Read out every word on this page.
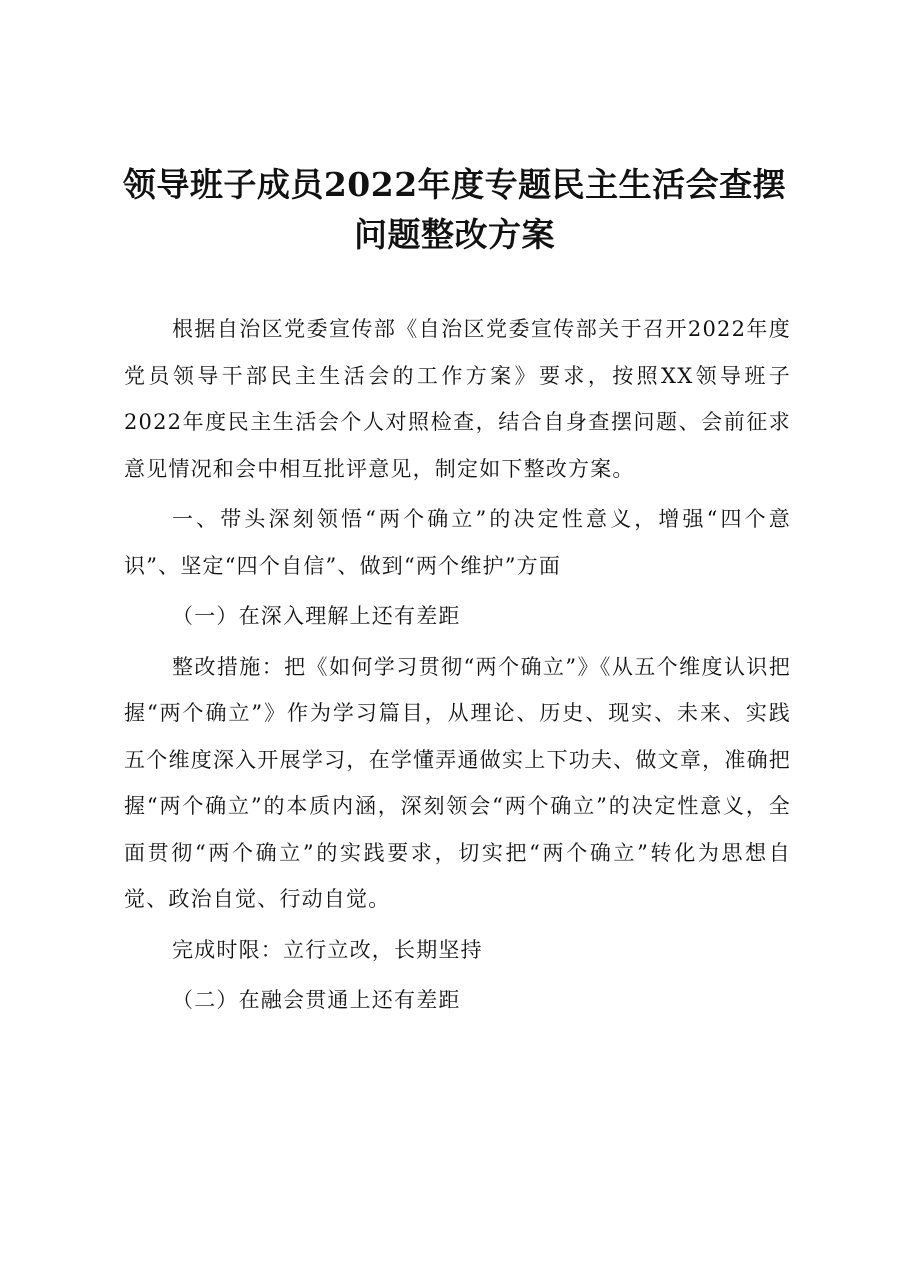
领导班子成员2022年度专题民主生活会查摆
问题整改方案

根据自治区党委宣传部《自治区党委宣传部关于召开2022年度党员领导干部民主生活会的工作方案》要求，按照XX领导班子2022年度民主生活会个人对照检查，结合自身查摆问题、会前征求意见情况和会中相互批评意见，制定如下整改方案。

一、带头深刻领悟“两个确立”的决定性意义，增强“四个意识”、坚定“四个自信”、做到“两个维护”方面

（一）在深入理解上还有差距

整改措施：把《如何学习贯彻“两个确立”》《从五个维度认识把握“两个确立”》作为学习篇目，从理论、历史、现实、未来、实践五个维度深入开展学习，在学懂弄通做实上下功夫、做文章，准确把握“两个确立”的本质内涵，深刻领会“两个确立”的决定性意义，全面贯彻“两个确立”的实践要求，切实把“两个确立”转化为思想自觉、政治自觉、行动自觉。

完成时限：立行立改，长期坚持

（二）在融会贯通上还有差距
